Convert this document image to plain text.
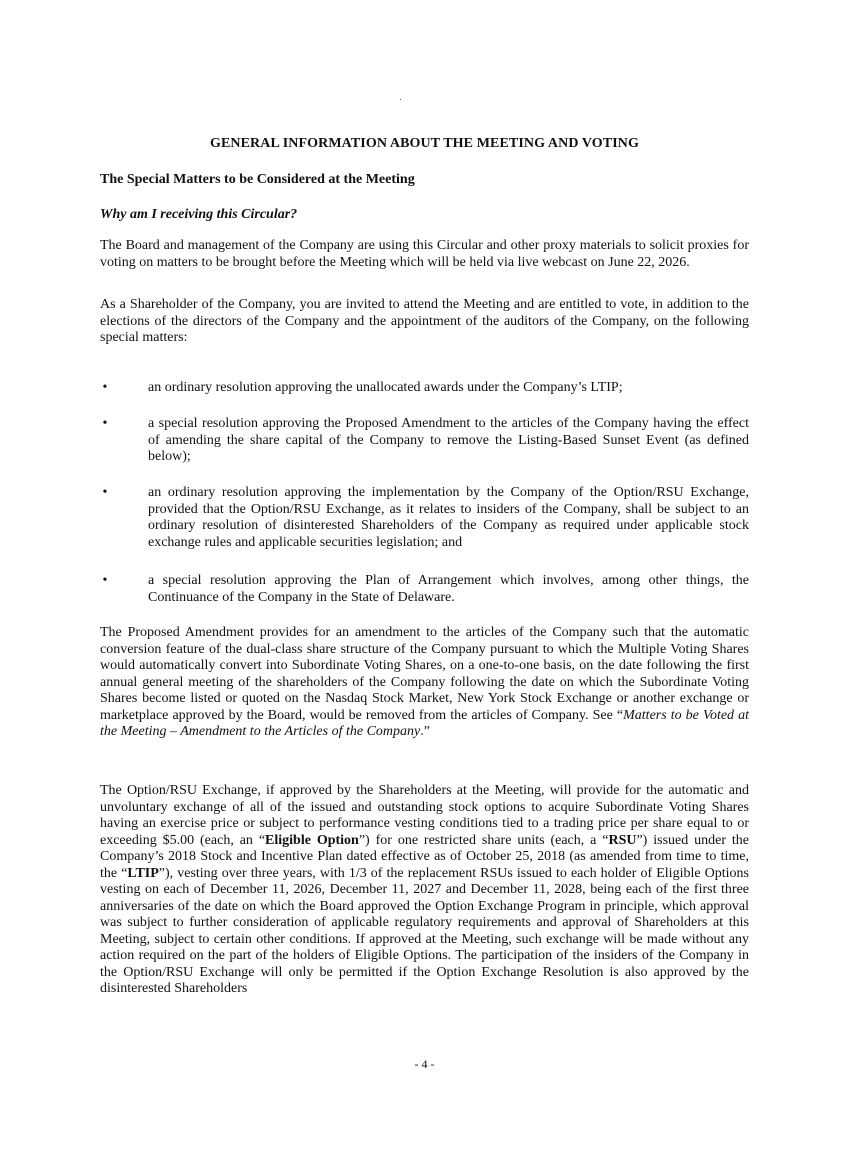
GENERAL INFORMATION ABOUT THE MEETING AND VOTING
The Special Matters to be Considered at the Meeting
Why am I receiving this Circular?

The Board and management of the Company are using this Circular and other proxy materials to solicit proxies for voting on matters to be brought before the Meeting which will be held via live webcast on June 22, 2026.

As a Shareholder of the Company, you are invited to attend the Meeting and are entitled to vote, in addition to the elections of the directors of the Company and the appointment of the auditors of the Company, on the following special matters:

•	an ordinary resolution approving the unallocated awards under the Company’s LTIP;
•	a special resolution approving the Proposed Amendment to the articles of the Company having the effect of amending the share capital of the Company to remove the Listing-Based Sunset Event (as defined below);
•	an ordinary resolution approving the implementation by the Company of the Option/RSU Exchange, provided that the Option/RSU Exchange, as it relates to insiders of the Company, shall be subject to an ordinary resolution of disinterested Shareholders of the Company as required under applicable stock exchange rules and applicable securities legislation; and
•	a special resolution approving the Plan of Arrangement which involves, among other things, the Continuance of the Company in the State of Delaware.

The Proposed Amendment provides for an amendment to the articles of the Company such that the automatic conversion feature of the dual-class share structure of the Company pursuant to which the Multiple Voting Shares would automatically convert into Subordinate Voting Shares, on a one-to-one basis, on the date following the first annual general meeting of the shareholders of the Company following the date on which the Subordinate Voting Shares become listed or quoted on the Nasdaq Stock Market, New York Stock Exchange or another exchange or marketplace approved by the Board, would be removed from the articles of Company. See “Matters to be Voted at the Meeting – Amendment to the Articles of the Company.”

The Option/RSU Exchange, if approved by the Shareholders at the Meeting, will provide for the automatic and unvoluntary exchange of all of the issued and outstanding stock options to acquire Subordinate Voting Shares having an exercise price or subject to performance vesting conditions tied to a trading price per share equal to or exceeding $5.00 (each, an “Eligible Option”) for one restricted share units (each, a “RSU”) issued under the Company’s 2018 Stock and Incentive Plan dated effective as of October 25, 2018 (as amended from time to time, the “LTIP”), vesting over three years, with 1/3 of the replacement RSUs issued to each holder of Eligible Options vesting on each of December 11, 2026, December 11, 2027 and December 11, 2028, being each of the first three anniversaries of the date on which the Board approved the Option Exchange Program in principle, which approval was subject to further consideration of applicable regulatory requirements and approval of Shareholders at this Meeting, subject to certain other conditions. If approved at the Meeting, such exchange will be made without any action required on the part of the holders of Eligible Options. The participation of the insiders of the Company in the Option/RSU Exchange will only be permitted if the Option Exchange Resolution is also approved by the disinterested Shareholders

- 4 -
